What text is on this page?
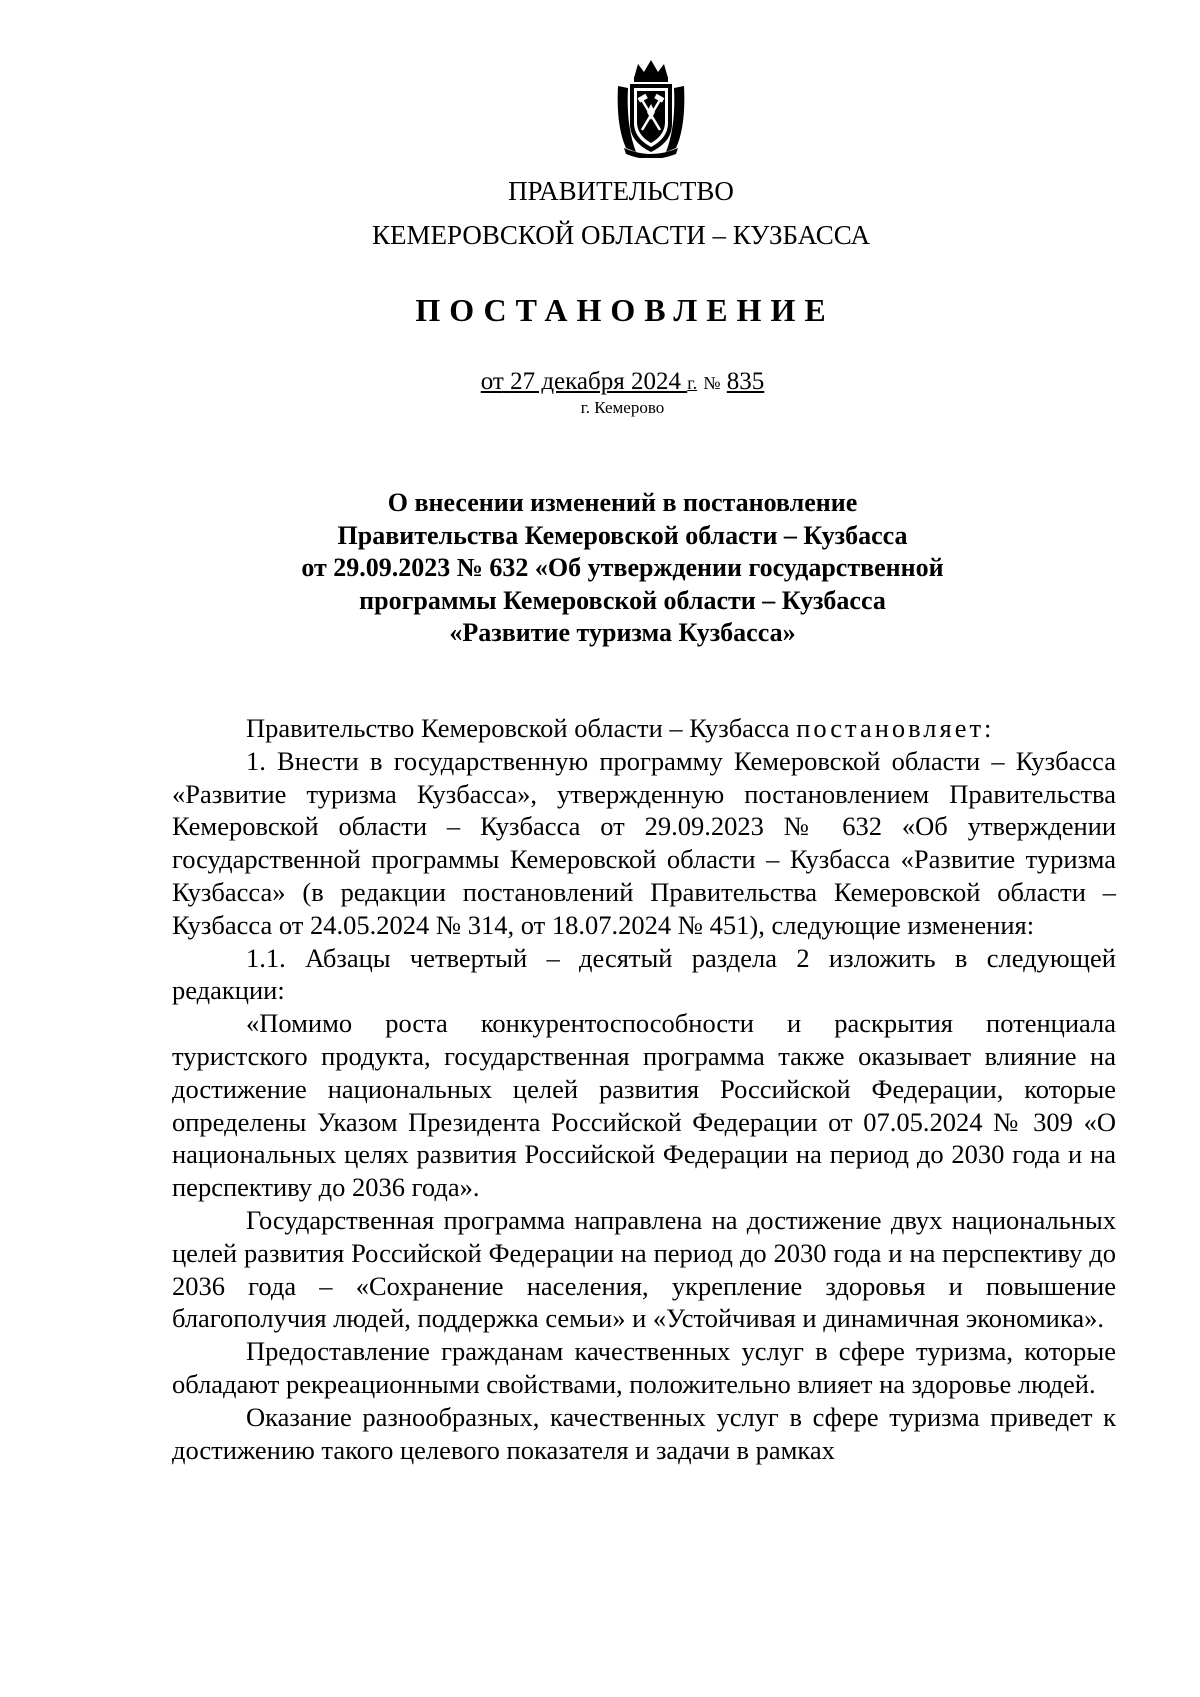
ПРАВИТЕЛЬСТВО
КЕМЕРОВСКОЙ ОБЛАСТИ – КУЗБАССА
ПОСТАНОВЛЕНИЕ
от 27 декабря 2024 г. № 835
г. Кемерово
О внесении изменений в постановление
Правительства Кемеровской области – Кузбасса
от 29.09.2023 № 632 «Об утверждении государственной
программы Кемеровской области – Кузбасса
«Развитие туризма Кузбасса»

Правительство Кемеровской области – Кузбасса постановляет:

1. Внести в государственную программу Кемеровской области – Кузбасса «Развитие туризма Кузбасса», утвержденную постановлением Правительства Кемеровской области – Кузбасса от 29.09.2023 № 632 «Об утверждении государственной программы Кемеровской области – Кузбасса «Развитие туризма Кузбасса» (в редакции постановлений Правительства Кемеровской области – Кузбасса от 24.05.2024 № 314, от 18.07.2024 № 451), следующие изменения:

1.1. Абзацы четвертый – десятый раздела 2 изложить в следующей редакции:

«Помимо роста конкурентоспособности и раскрытия потенциала туристского продукта, государственная программа также оказывает влияние на достижение национальных целей развития Российской Федерации, которые определены Указом Президента Российской Федерации от 07.05.2024 № 309 «О национальных целях развития Российской Федерации на период до 2030 года и на перспективу до 2036 года».

Государственная программа направлена на достижение двух национальных целей развития Российской Федерации на период до 2030 года и на перспективу до 2036 года – «Сохранение населения, укрепление здоровья и повышение благополучия людей, поддержка семьи» и «Устойчивая и динамичная экономика».

Предоставление гражданам качественных услуг в сфере туризма, которые обладают рекреационными свойствами, положительно влияет на здоровье людей.

Оказание разнообразных, качественных услуг в сфере туризма приведет к достижению такого целевого показателя и задачи в рамках
